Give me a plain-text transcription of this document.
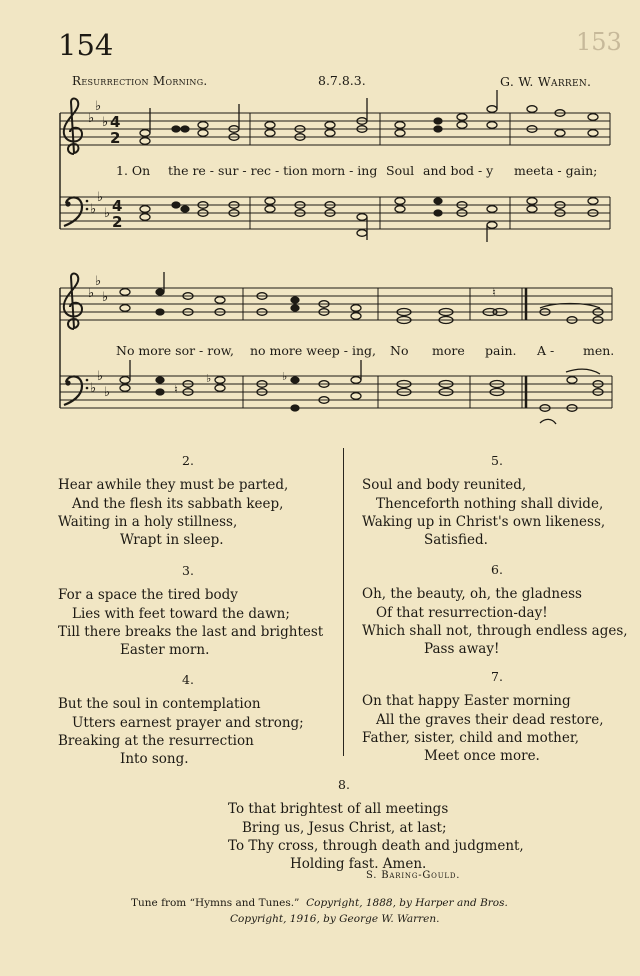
153
154
Resurrection Morning.	8.7.8.3.	G. W. Warren.
♭
♭
♭ 4
2
♭
♭
♭ 4
2
1. On the re - sur - rec - tion morn - ing Soul and bod - y meet a - gain;
♭
♭
♭
♭
♭
♭	♮
♭	♭
♮
No more sor - row, no more weep - ing, No more pain. A - men.
2.
Hear awhile they must be parted,
And the flesh its sabbath keep,
Waiting in a holy stillness,
Wrapt in sleep.
3.
For a space the tired body
Lies with feet toward the dawn;
Till there breaks the last and brightest
Easter morn.
4.
But the soul in contemplation
Utters earnest prayer and strong;
Breaking at the resurrection
Into song.
5.
Soul and body reunited,
Thenceforth nothing shall divide,
Waking up in Christ's own likeness,
Satisfied.
6.
Oh, the beauty, oh, the gladness
Of that resurrection-day!
Which shall not, through endless ages,
Pass away!
7.
On that happy Easter morning
All the graves their dead restore,
Father, sister, child and mother,
Meet once more.
8.
To that brightest of all meetings
Bring us, Jesus Christ, at last;
To Thy cross, through death and judgment,
Holding fast. Amen.
S. Baring-Gould.
Tune from “Hymns and Tunes.” Copyright, 1888, by Harper and Bros.
Copyright, 1916, by George W. Warren.
